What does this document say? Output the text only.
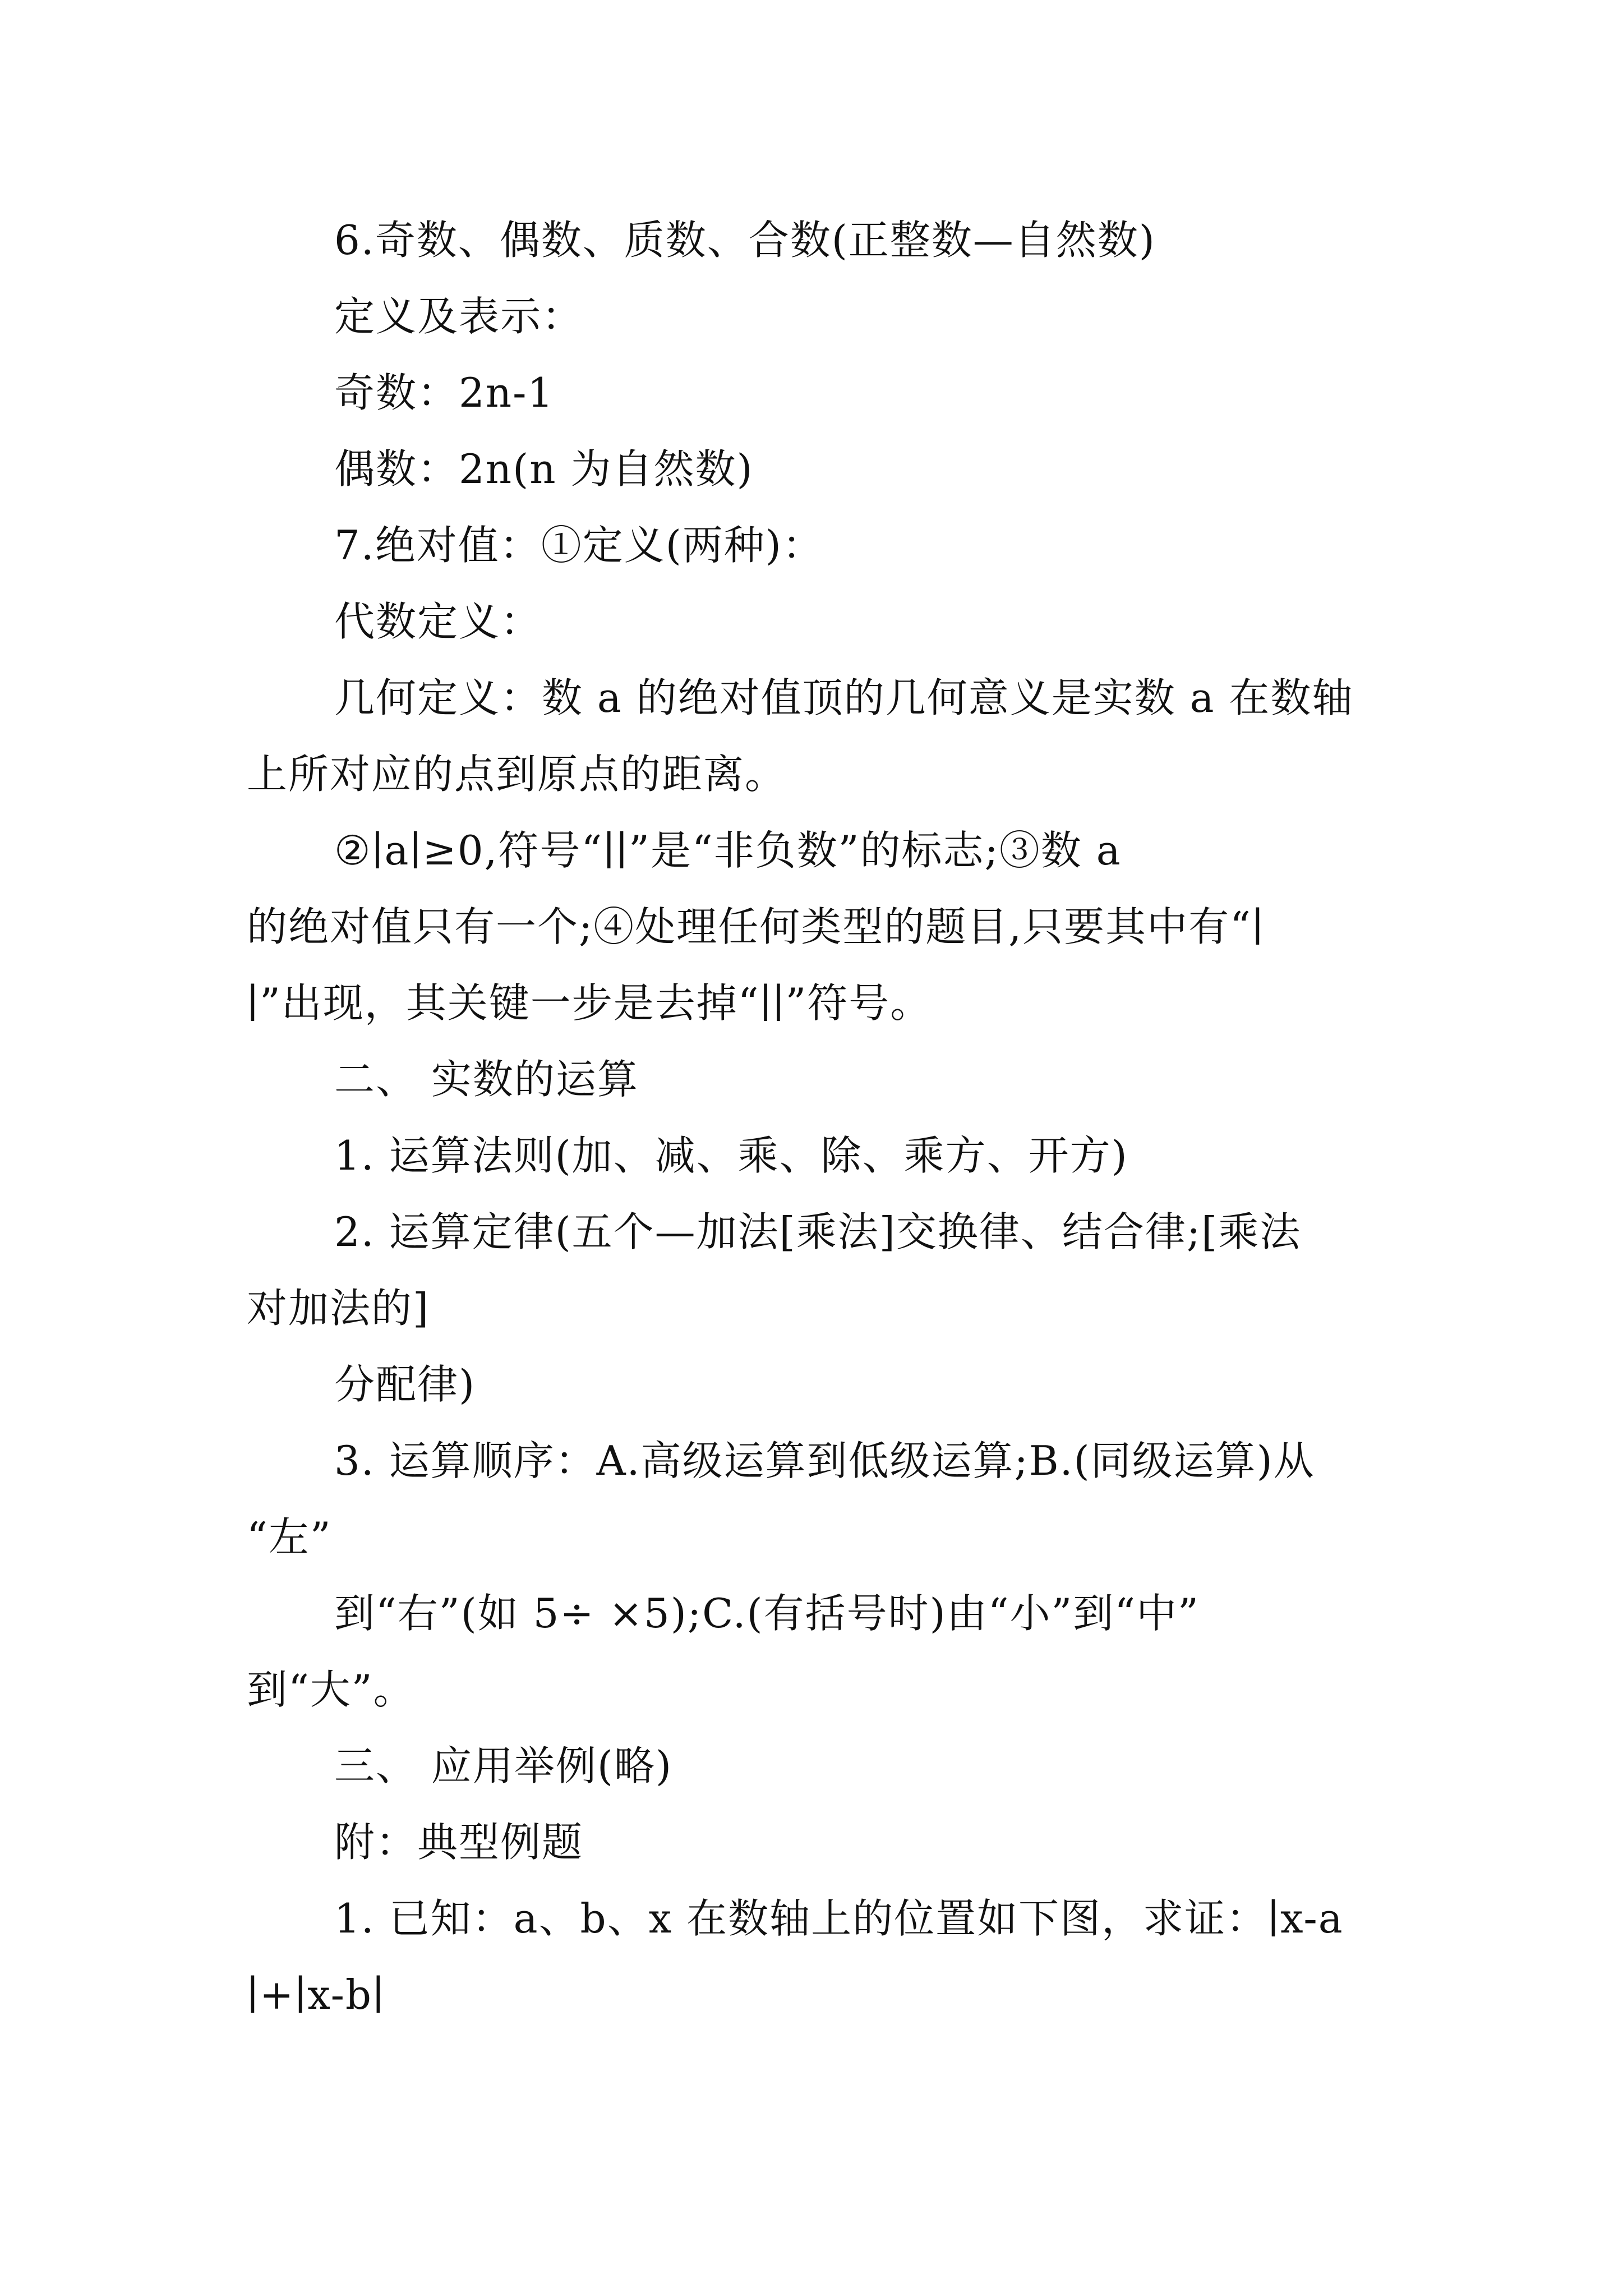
6.奇数、偶数、质数、合数(正整数—自然数)
定义及表示：
奇数：2n-1
偶数：2n(n 为自然数)
7.绝对值：①定义(两种)：
代数定义：
几何定义：数 a 的绝对值顶的几何意义是实数 a 在数轴
上所对应的点到原点的距离。
②∣a∣≥0,符号“∣∣”是“非负数”的标志;③数 a
的绝对值只有一个;④处理任何类型的题目,只要其中有“∣
∣”出现，其关键一步是去掉“∣∣”符号。
二、 实数的运算
1. 运算法则(加、减、乘、除、乘方、开方)
2. 运算定律(五个—加法[乘法]交换律、结合律;[乘法
对加法的]
分配律)
3. 运算顺序：A.高级运算到低级运算;B.(同级运算)从
“左”
到“右”(如 5÷ ×5);C.(有括号时)由“小”到“中”
到“大”。
三、 应用举例(略)
附：典型例题
1. 已知：a、b、x 在数轴上的位置如下图，求证：∣x-a
∣+∣x-b∣
